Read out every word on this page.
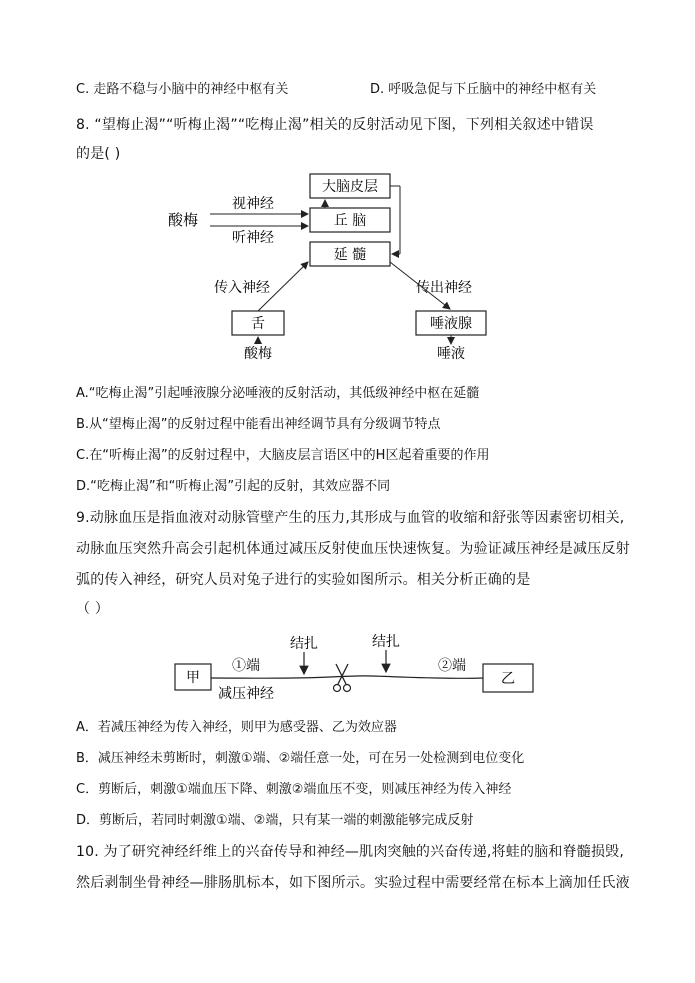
C. 走路不稳与小脑中的神经中枢有关	D. 呼吸急促与下丘脑中的神经中枢有关
8. “望梅止渴”“听梅止渴”“吃梅止渴”相关的反射活动见下图，下列相关叙述中错误
的是( )
大脑皮层
丘 脑
延 髓
舌	唾液腺
酸梅
视神经
听神经
传入神经	传出神经
酸梅	唾液
A.“吃梅止渴”引起唾液腺分泌唾液的反射活动，其低级神经中枢在延髓
B.从“望梅止渴”的反射过程中能看出神经调节具有分级调节特点
C.在“听梅止渴”的反射过程中，大脑皮层言语区中的H区起着重要的作用
D.“吃梅止渴”和“听梅止渴”引起的反射，其效应器不同
9.动脉血压是指血液对动脉管壁产生的压力,其形成与血管的收缩和舒张等因素密切相关,
动脉血压突然升高会引起机体通过减压反射使血压快速恢复。为验证减压神经是减压反射
弧的传入神经，研究人员对兔子进行的实验如图所示。相关分析正确的是
（ ）
甲	乙
结扎	结扎
①端	②端
减压神经
A．若减压神经为传入神经，则甲为感受器、乙为效应器
B．减压神经未剪断时，刺激①端、②端任意一处，可在另一处检测到电位变化
C．剪断后，刺激①端血压下降、刺激②端血压不变，则减压神经为传入神经
D．剪断后，若同时刺激①端、②端，只有某一端的刺激能够完成反射
10. 为了研究神经纤维上的兴奋传导和神经—肌肉突触的兴奋传递,将蛙的脑和脊髓损毁,
然后剥制坐骨神经—腓肠肌标本，如下图所示。实验过程中需要经常在标本上滴加任氏液
